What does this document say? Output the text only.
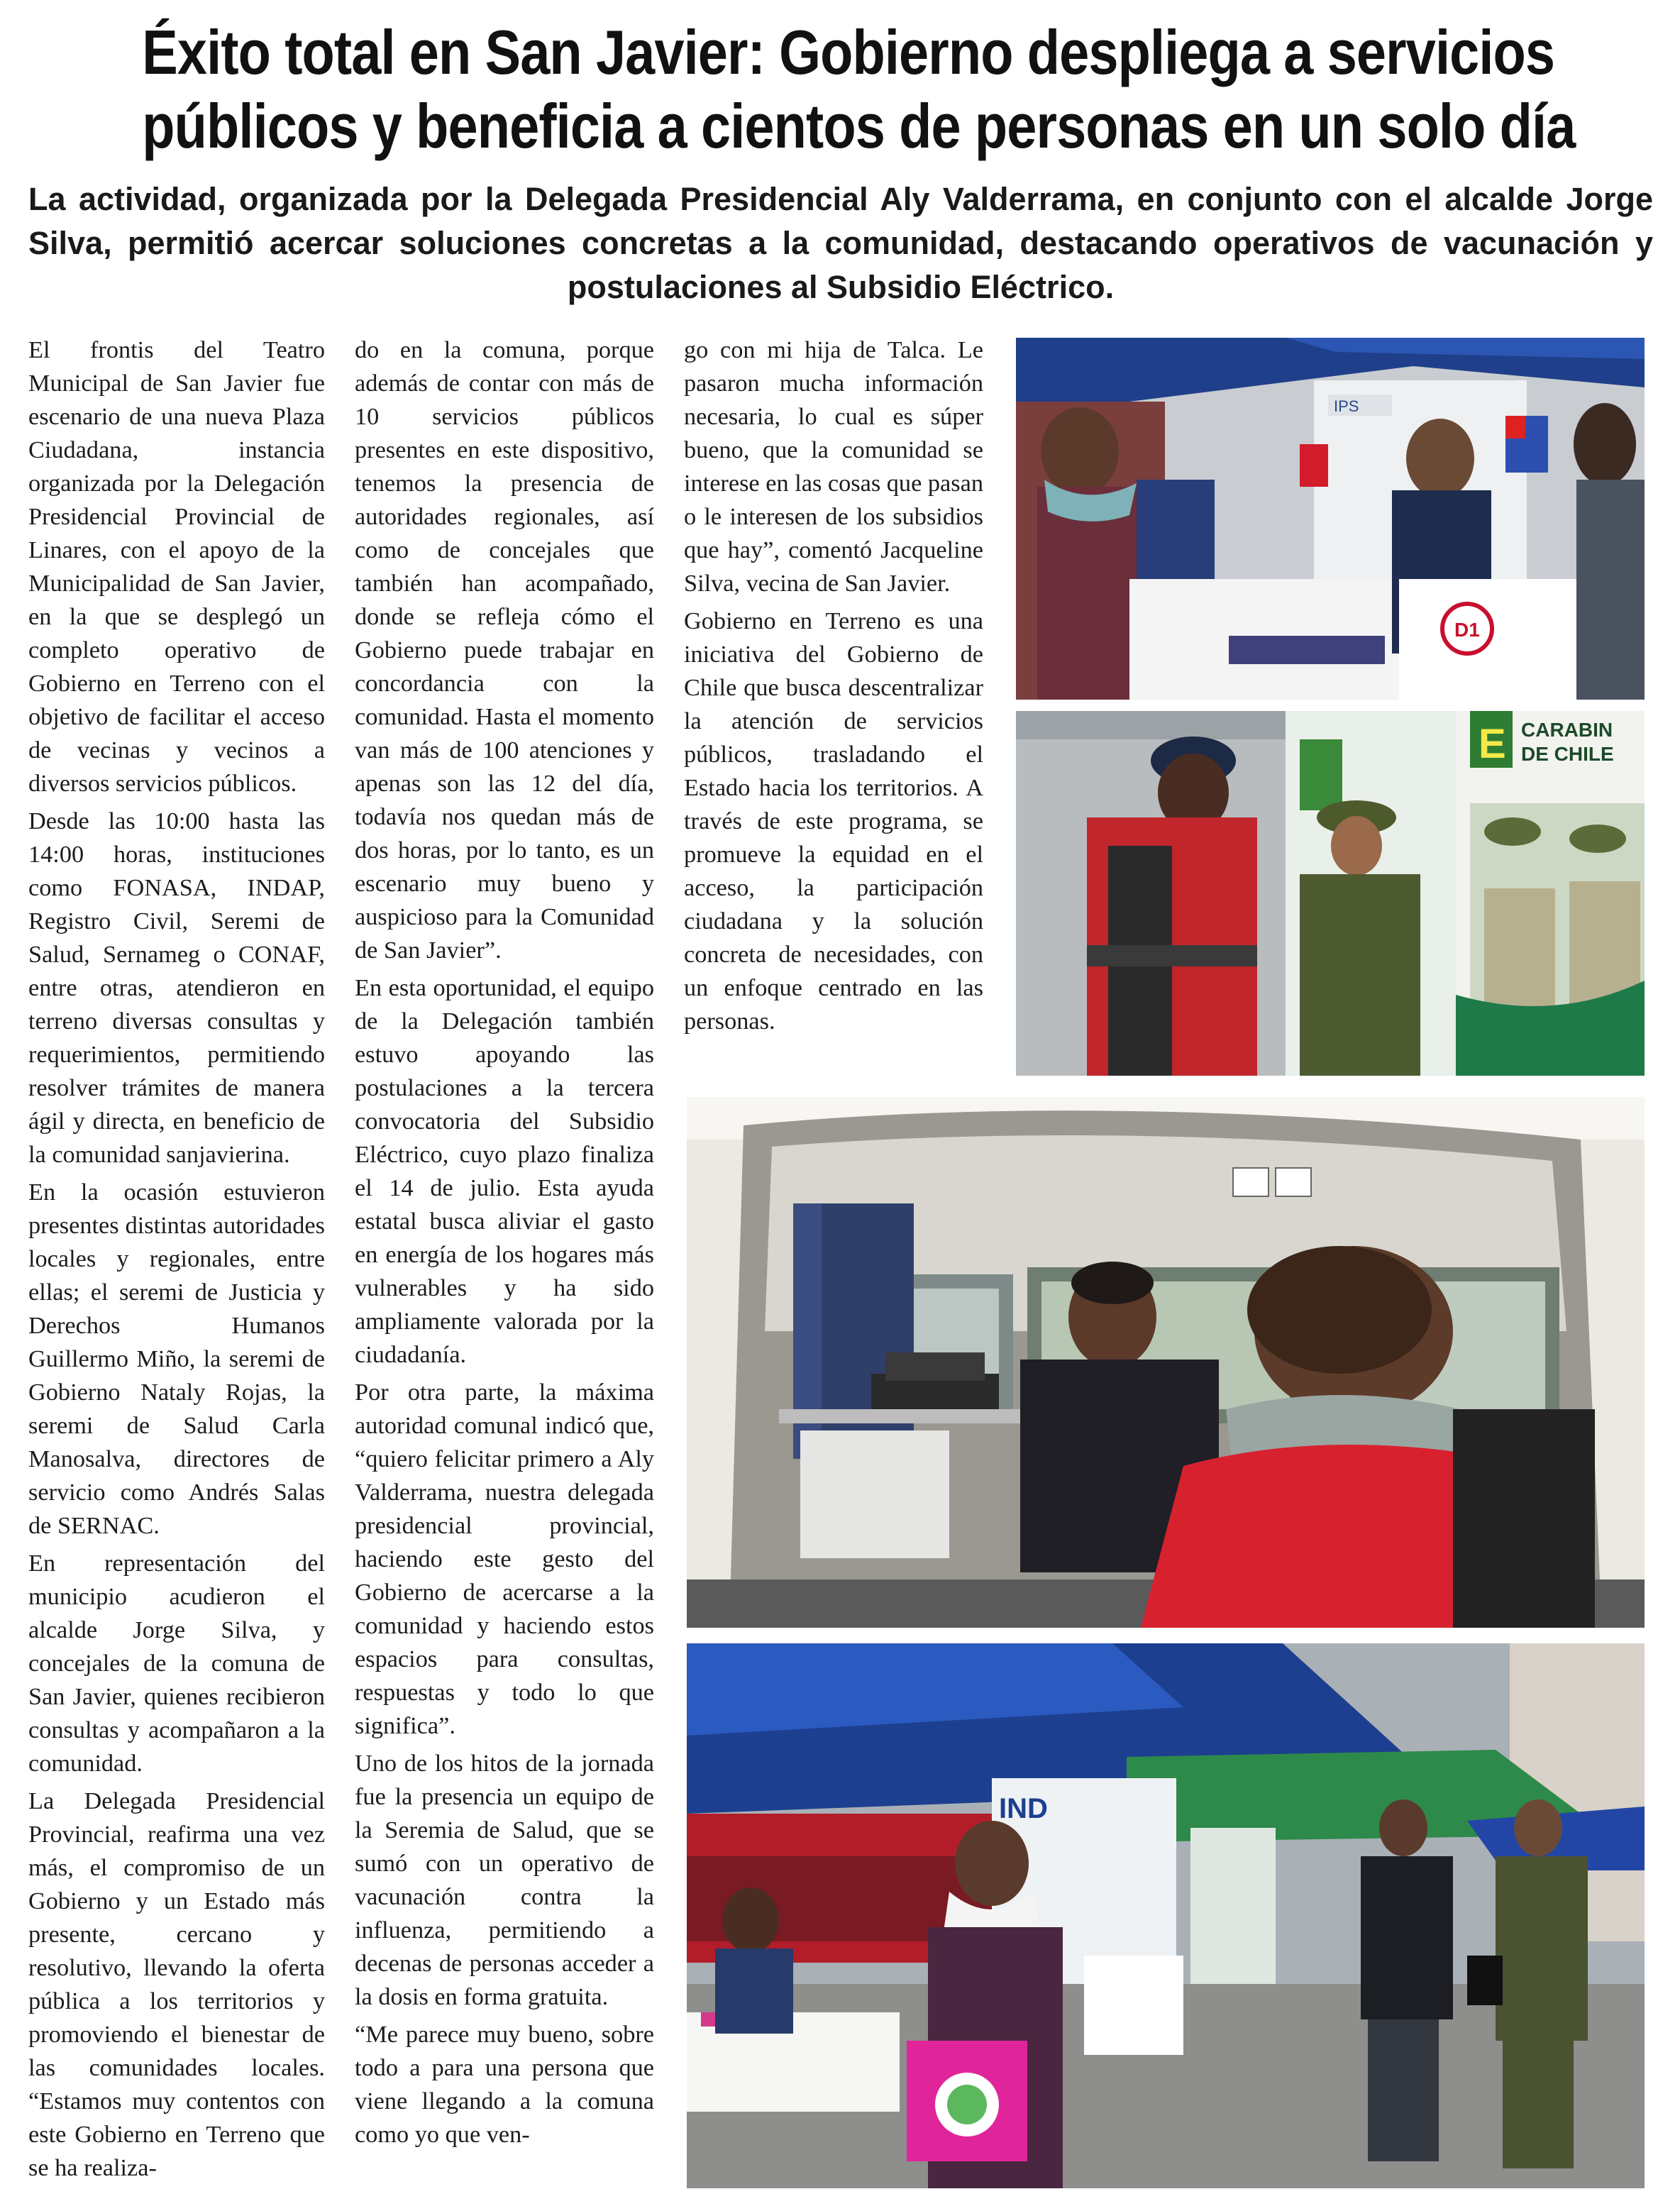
Éxito total en San Javier: Gobierno despliega a servicios
públicos y beneficia a cientos de personas en un solo día

La actividad, organizada por la Delegada Presidencial Aly Valderrama, en conjunto con el alcalde Jorge Silva, permitió acercar soluciones concretas a la comunidad, destacando operativos de vacunación y postulaciones al Subsidio Eléctrico.

El frontis del Teatro Municipal de San Javier fue escenario de una nueva Plaza Ciudadana, instancia organizada por la Delegación Presidencial Provincial de Linares, con el apoyo de la Municipalidad de San Javier, en la que se desplegó un completo operativo de Gobierno en Terreno con el objetivo de facilitar el acceso de vecinas y vecinos a diversos servicios públicos.

Desde las 10:00 hasta las 14:00 horas, instituciones como FONASA, INDAP, Registro Civil, Seremi de Salud, Sernameg o CONAF, entre otras, atendieron en terreno diversas consultas y requerimientos, permitiendo resolver trámites de manera ágil y directa, en beneficio de la comunidad sanjavierina.

En la ocasión estuvieron presentes distintas autoridades locales y regionales, entre ellas; el seremi de Justicia y Derechos Humanos Guillermo Miño, la seremi de Gobierno Nataly Rojas, la seremi de Salud Carla Manosalva, directores de servicio como Andrés Salas de SERNAC.

En representación del municipio acudieron el alcalde Jorge Silva, y concejales de la comuna de San Javier, quienes recibieron consultas y acompañaron a la comunidad.

La Delegada Presidencial Provincial, reafirma una vez más, el compromiso de un Gobierno y un Estado más presente, cercano y resolutivo, llevando la oferta pública a los territorios y promoviendo el bienestar de las comunidades locales. “Estamos muy contentos con este Gobierno en Terreno que se ha realiza-

do en la comuna, porque además de contar con más de 10 servicios públicos presentes en este dispositivo, tenemos la presencia de autoridades regionales, así como de concejales que también han acompañado, donde se refleja cómo el Gobierno puede trabajar en concordancia con la comunidad. Hasta el momento van más de 100 atenciones y apenas son las 12 del día, todavía nos quedan más de dos horas, por lo tanto, es un escenario muy bueno y auspicioso para la Comunidad de San Javier”.

En esta oportunidad, el equipo de la Delegación también estuvo apoyando las postulaciones a la tercera convocatoria del Subsidio Eléctrico, cuyo plazo finaliza el 14 de julio. Esta ayuda estatal busca aliviar el gasto en energía de los hogares más vulnerables y ha sido ampliamente valorada por la ciudadanía.

Por otra parte, la máxima autoridad comunal indicó que, “quiero felicitar primero a Aly Valderrama, nuestra delegada presidencial provincial, haciendo este gesto del Gobierno de acercarse a la comunidad y haciendo estos espacios para consultas, respuestas y todo lo que significa”.

Uno de los hitos de la jornada fue la presencia un equipo de la Seremia de Salud, que se sumó con un operativo de vacunación contra la influenza, permitiendo a decenas de personas acceder a la dosis en forma gratuita.

“Me parece muy bueno, sobre todo a para una persona que viene llegando a la comuna como yo que ven-

go con mi hija de Talca. Le pasaron mucha información necesaria, lo cual es súper bueno, que la comunidad se interese en las cosas que pasan o le interesen de los subsidios que hay”, comentó Jacqueline Silva, vecina de San Javier.

Gobierno en Terreno es una iniciativa del Gobierno de Chile que busca descentralizar la atención de servicios públicos, trasladando el Estado hacia los territorios. A través de este programa, se promueve la equidad en el acceso, la participación ciudadana y la solución concreta de necesidades, con un enfoque centrado en las personas.

IPS
D1
E CARABIN
DE CHILE
IND
